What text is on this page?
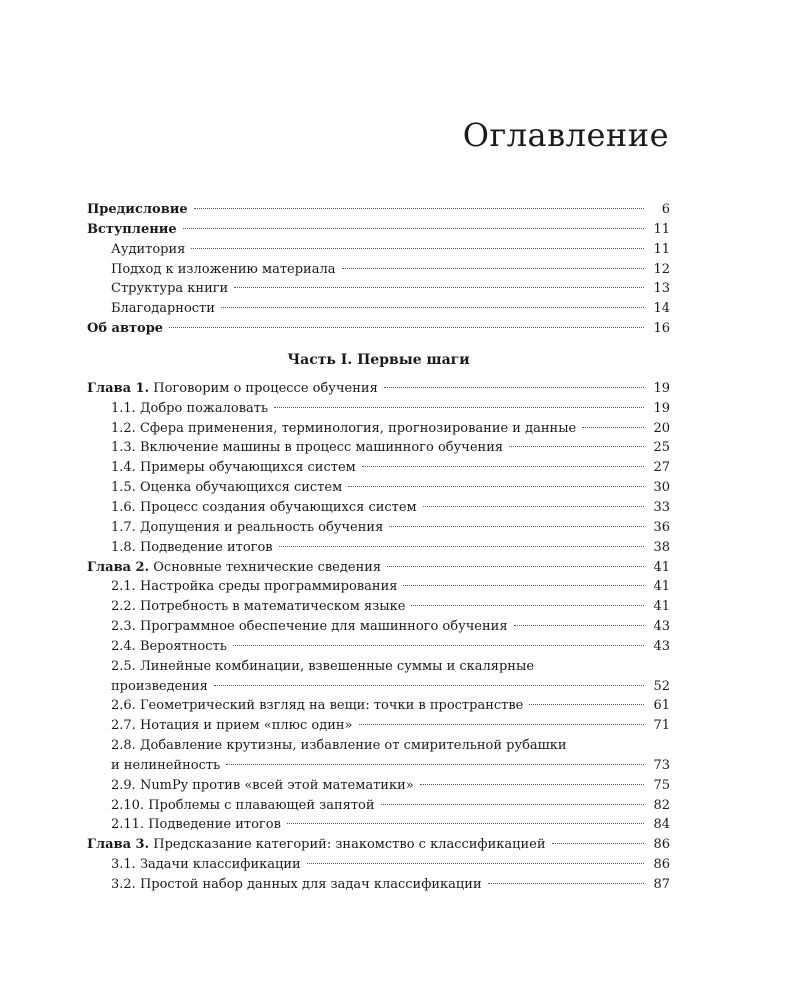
Оглавление
Предисловие	6
Вступление	11
Аудитория	11
Подход к изложению материала	12
Структура книги	13
Благодарности	14
Об авторе	16
Часть I. Первые шаги
Глава 1. Поговорим о процессе обучения	19
1.1. Добро пожаловать	19
1.2. Сфера применения, терминология, прогнозирование и данные	20
1.3. Включение машины в процесс машинного обучения	25
1.4. Примеры обучающихся систем	27
1.5. Оценка обучающихся систем	30
1.6. Процесс создания обучающихся систем	33
1.7. Допущения и реальность обучения	36
1.8. Подведение итогов	38
Глава 2. Основные технические сведения	41
2.1. Настройка среды программирования	41
2.2. Потребность в математическом языке	41
2.3. Программное обеспечение для машинного обучения	43
2.4. Вероятность	43
2.5. Линейные комбинации, взвешенные суммы и скалярные
произведения	52
2.6. Геометрический взгляд на вещи: точки в пространстве	61
2.7. Нотация и прием «плюс один»	71
2.8. Добавление крутизны, избавление от смирительной рубашки
и нелинейность	73
2.9. NumPy против «всей этой математики»	75
2.10. Проблемы с плавающей запятой	82
2.11. Подведение итогов	84
Глава 3. Предсказание категорий: знакомство с классификацией	86
3.1. Задачи классификации	86
3.2. Простой набор данных для задач классификации	87
